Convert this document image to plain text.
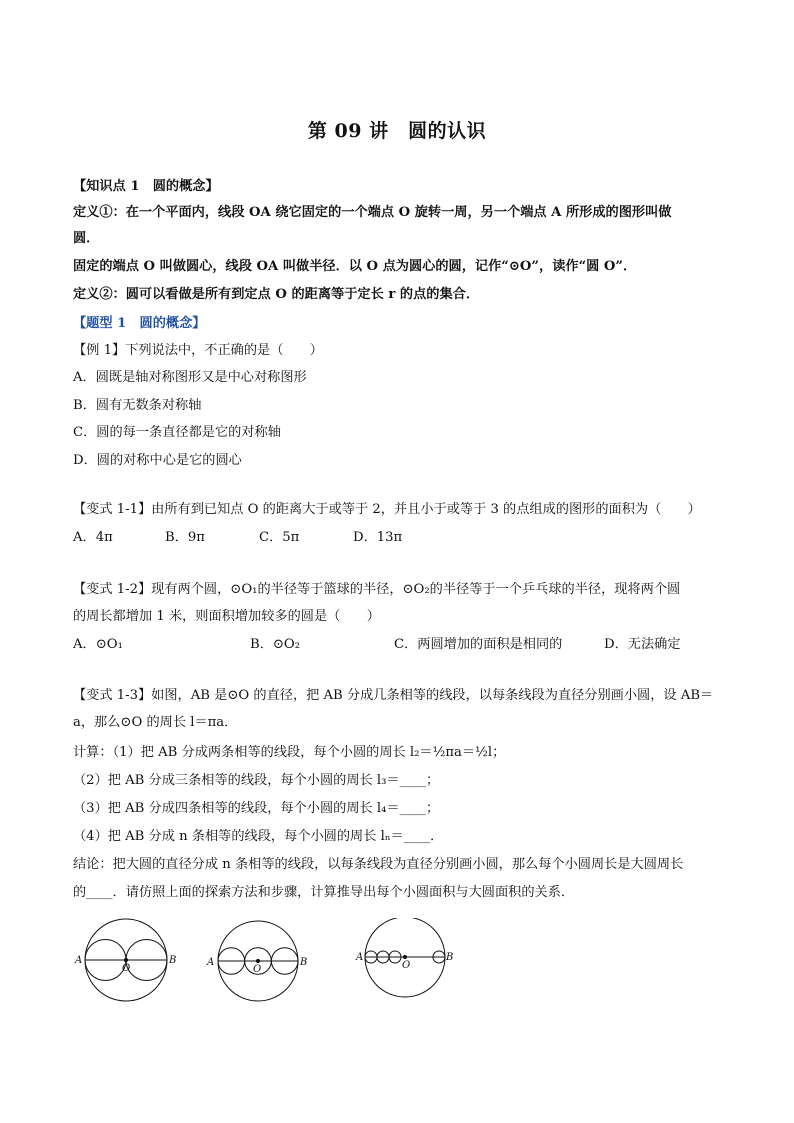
第 09 讲　圆的认识
【知识点 1　圆的概念】
定义①：在一个平面内，线段 OA 绕它固定的一个端点 O 旋转一周，另一个端点 A 所形成的图形叫做
圆．
固定的端点 O 叫做圆心，线段 OA 叫做半径．以 O 点为圆心的圆，记作“⊙O”，读作“圆 O”．
定义②：圆可以看做是所有到定点 O 的距离等于定长 r 的点的集合．
【题型 1　圆的概念】
【例 1】下列说法中，不正确的是（　　）
A．圆既是轴对称图形又是中心对称图形
B．圆有无数条对称轴
C．圆的每一条直径都是它的对称轴
D．圆的对称中心是它的圆心
【变式 1-1】由所有到已知点 O 的距离大于或等于 2，并且小于或等于 3 的点组成的图形的面积为（　　）
A．4π	B．9π	C．5π	D．13π
【变式 1-2】现有两个圆，⊙O₁的半径等于篮球的半径，⊙O₂的半径等于一个乒乓球的半径，现将两个圆
的周长都增加 1 米，则面积增加较多的圆是（　　）
A．⊙O₁	B．⊙O₂	C．两圆增加的面积是相同的	D．无法确定
【变式 1-3】如图，AB 是⊙O 的直径，把 AB 分成几条相等的线段，以每条线段为直径分别画小圆，设 AB＝
a，那么⊙O 的周长 l＝πa．
计算：（1）把 AB 分成两条相等的线段，每个小圆的周长 l₂＝½πa＝½l；
（2）把 AB 分成三条相等的线段，每个小圆的周长 l₃＝____；
（3）把 AB 分成四条相等的线段，每个小圆的周长 l₄＝____；
（4）把 AB 分成 n 条相等的线段，每个小圆的周长 lₙ＝____．
结论：把大圆的直径分成 n 条相等的线段，以每条线段为直径分别画小圆，那么每个小圆周长是大圆周长
的____．请仿照上面的探索方法和步骤，计算推导出每个小圆面积与大圆面积的关系．
A	B
O
A	B
O
A	B
O
